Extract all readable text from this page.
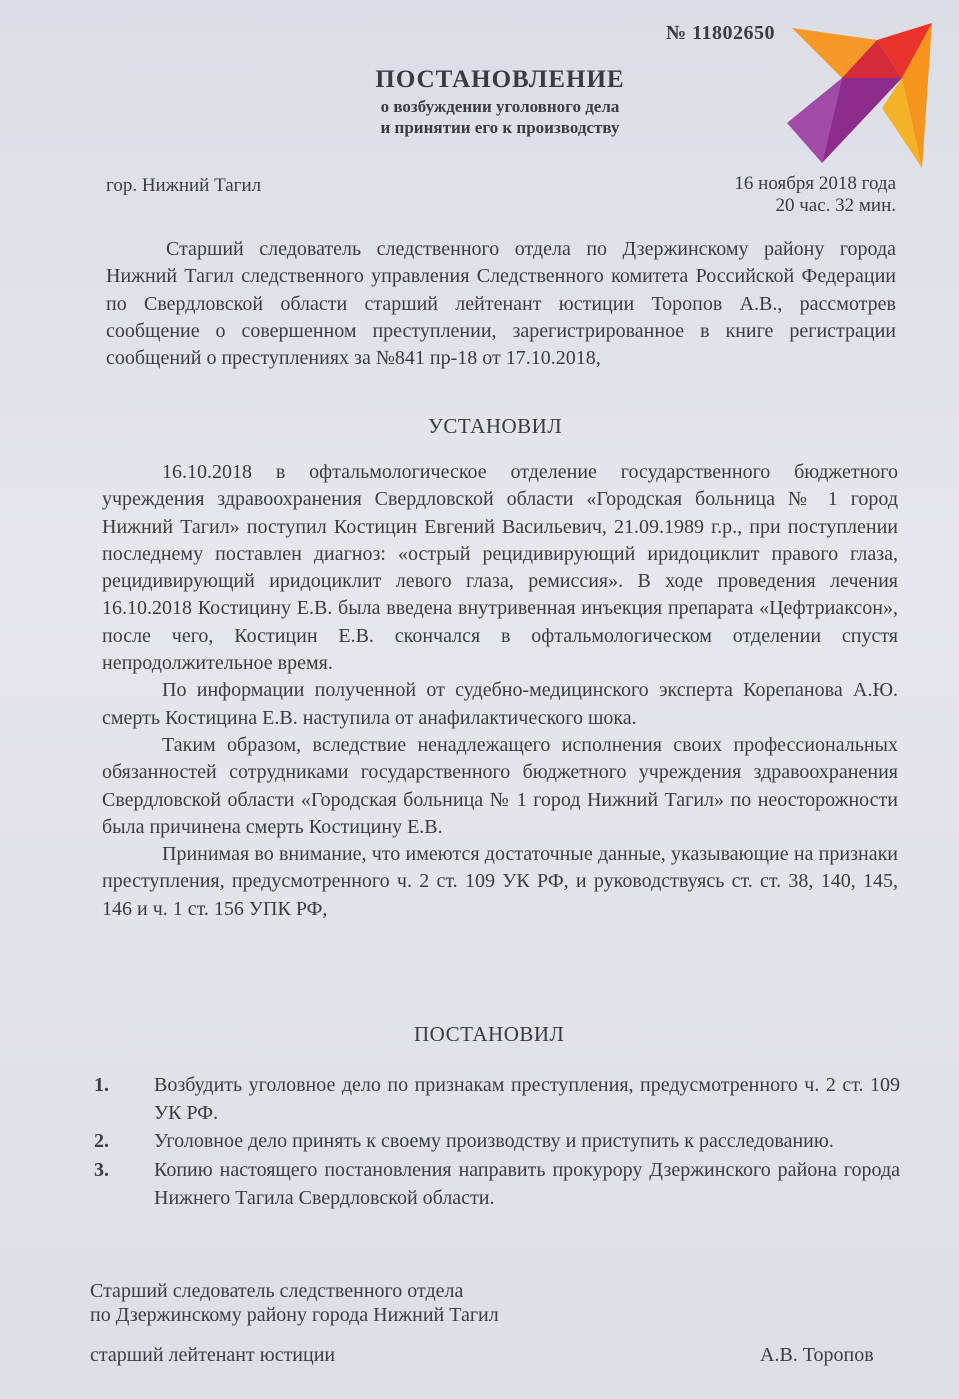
№ 11802650
ПОСТАНОВЛЕНИЕ
о возбуждении уголовного дела
и принятии его к производству
гор. Нижний Тагил	16 ноября 2018 года
20 час. 32 мин.

Старший следователь следственного отдела по Дзержинскому району города Нижний Тагил следственного управления Следственного комитета Российской Федерации по Свердловской области старший лейтенант юстиции Торопов А.В., рассмотрев сообщение о совершенном преступлении, зарегистрированное в книге регистрации сообщений о преступлениях за №841 пр-18 от 17.10.2018,

УСТАНОВИЛ

16.10.2018 в офтальмологическое отделение государственного бюджетного учреждения здравоохранения Свердловской области «Городская больница № 1 город Нижний Тагил» поступил Костицин Евгений Васильевич, 21.09.1989 г.р., при поступлении последнему поставлен диагноз: «острый рецидивирующий иридоциклит правого глаза, рецидивирующий иридоциклит левого глаза, ремиссия». В ходе проведения лечения 16.10.2018 Костицину Е.В. была введена внутривенная инъекция препарата «Цефтриаксон», после чего, Костицин Е.В. скончался в офтальмологическом отделении спустя непродолжительное время.

По информации полученной от судебно-медицинского эксперта Корепанова А.Ю. смерть Костицина Е.В. наступила от анафилактического шока.

Таким образом, вследствие ненадлежащего исполнения своих профессиональных обязанностей сотрудниками государственного бюджетного учреждения здравоохранения Свердловской области «Городская больница № 1 город Нижний Тагил» по неосторожности была причинена смерть Костицину Е.В.

Принимая во внимание, что имеются достаточные данные, указывающие на признаки преступления, предусмотренного ч. 2 ст. 109 УК РФ, и руководствуясь ст. ст. 38, 140, 145, 146 и ч. 1 ст. 156 УПК РФ,

ПОСТАНОВИЛ
1.	Возбудить уголовное дело по признакам преступления, предусмотренного ч. 2 ст. 109 УК РФ.
2.	Уголовное дело принять к своему производству и приступить к расследованию.
3.	Копию настоящего постановления направить прокурору Дзержинского района города Нижнего Тагила Свердловской области.
Старший следователь следственного отдела
по Дзержинскому району города Нижний Тагил
старший лейтенант юстиции	А.В. Торопов
